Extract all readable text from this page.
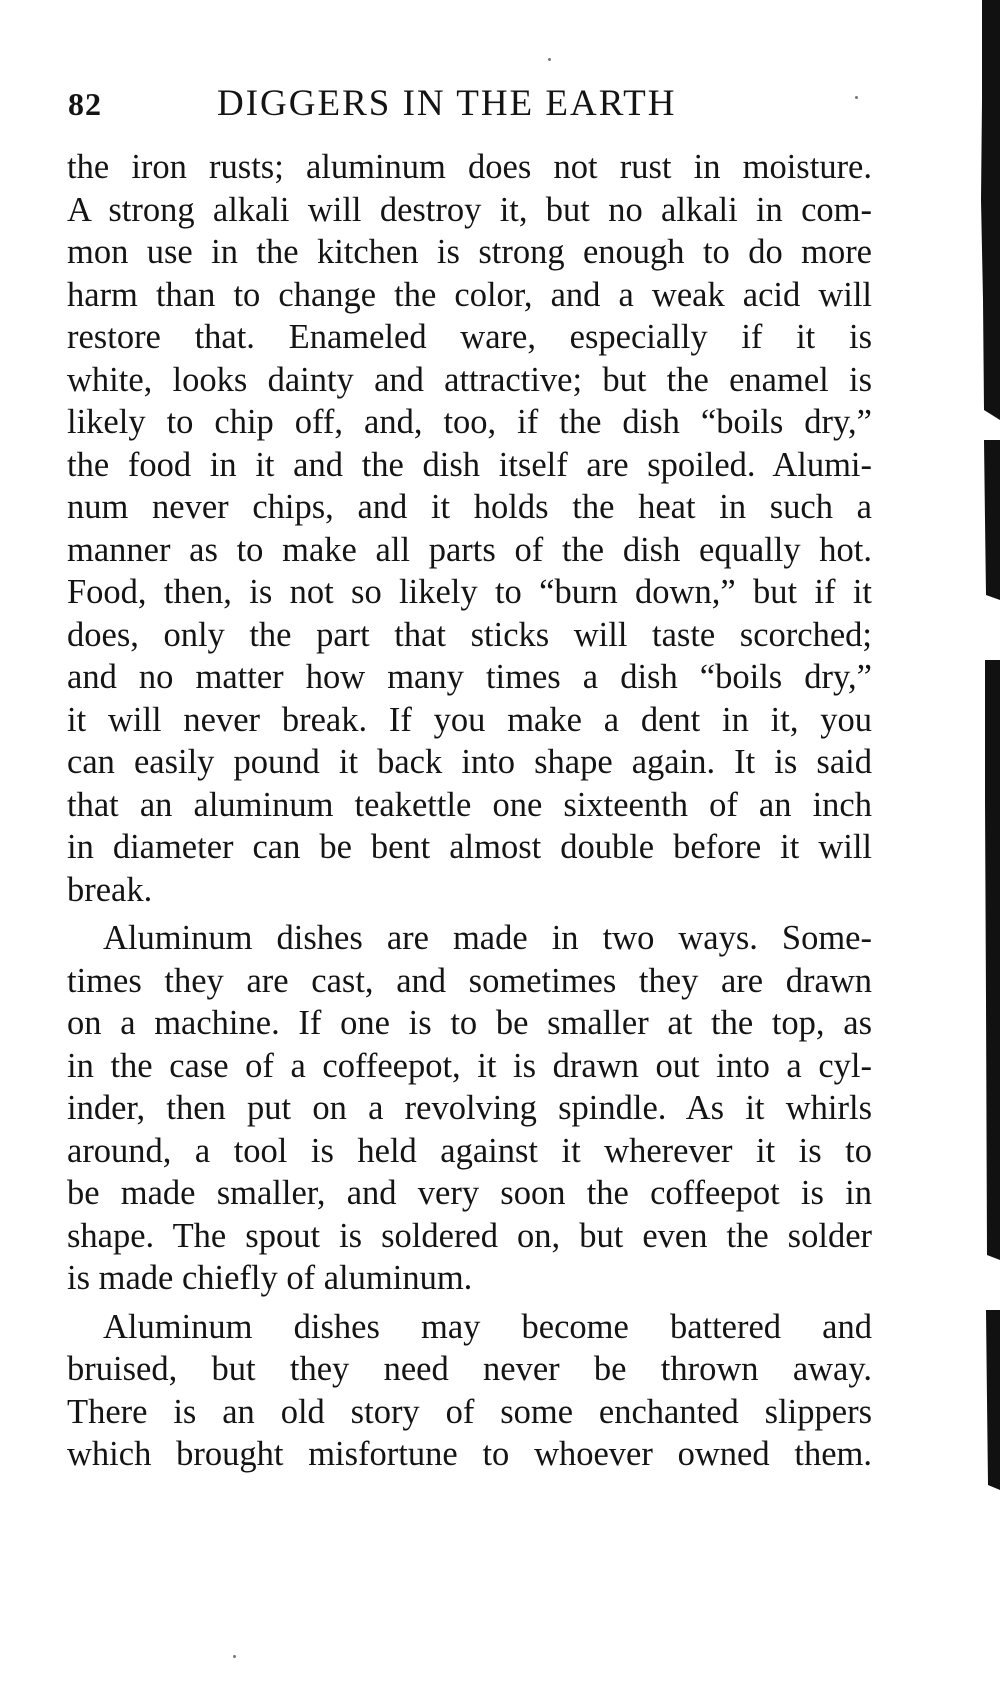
82	DIGGERS IN THE EARTH
the iron rusts; aluminum does not rust in moisture.
A strong alkali will destroy it, but no alkali in com-
mon use in the kitchen is strong enough to do more
harm than to change the color, and a weak acid will
restore that. Enameled ware, especially if it is
white, looks dainty and attractive; but the enamel is
likely to chip off, and, too, if the dish “boils dry,”
the food in it and the dish itself are spoiled. Alumi-
num never chips, and it holds the heat in such a
manner as to make all parts of the dish equally hot.
Food, then, is not so likely to “burn down,” but if it
does, only the part that sticks will taste scorched;
and no matter how many times a dish “boils dry,”
it will never break. If you make a dent in it, you
can easily pound it back into shape again. It is said
that an aluminum teakettle one sixteenth of an inch
in diameter can be bent almost double before it will
break.
Aluminum dishes are made in two ways. Some-
times they are cast, and sometimes they are drawn
on a machine. If one is to be smaller at the top, as
in the case of a coffeepot, it is drawn out into a cyl-
inder, then put on a revolving spindle. As it whirls
around, a tool is held against it wherever it is to
be made smaller, and very soon the coffeepot is in
shape. The spout is soldered on, but even the solder
is made chiefly of aluminum.
Aluminum dishes may become battered and
bruised, but they need never be thrown away.
There is an old story of some enchanted slippers
which brought misfortune to whoever owned them.
